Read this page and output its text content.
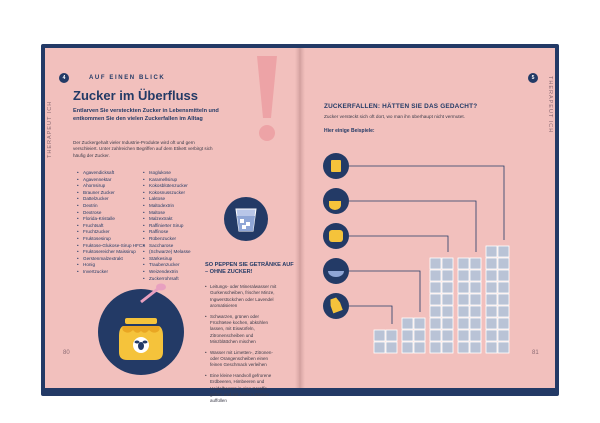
4	AUF EINEN BLICK
Zucker im Überfluss
Entlarven Sie versteckten Zucker in Lebensmitteln und entkommen Sie den vielen Zuckerfallen im Alltag
Der Zuckergehalt vieler Industrie-Produkte wird oft und gern verschleiert. Unter zahlreichen Begriffen auf dem Etikett verbirgt sich häufig der Zucker.
• Agavendicksaft
• Agavennektar
• Ahornsirup
• Brauner Zucker
• Dattelzucker
• Dextrin
• Dextrose
• Florida-Kristalle
• Fruchtsaft
• Fruchtzucker
• Fruktosesirup
• Fruktose-Glukose-Sirup HFCS
• Fruktosereicher Maissirup
• Gerstenmalzextrakt
• Honig
• Invertzucker
• Isoglukose
• Karamellsirup
• Kokosblütenzucker
• Kokosnusszucker
• Laktose
• Maltodextrin
• Maltose
• Malzextrakt
• Raffinierter Sirup
• Raffinose
• Rübenzucker
• Saccharose
• (Schwarze) Melasse
• Stärkesirup
• Traubenzucker
• Weizendextrin
• Zuckerrohrsaft
SO PEPPEN SIE GETRÄNKE AUF – OHNE ZUCKER!
• Leitungs- oder Mineralwasser mit Gurkenscheiben, frischer Minze, Ingwerstückchen oder Lavendel aromatisieren
• Schwarzen, grünen oder Früchtetee kochen, abkühlen lassen, mit Eiswürfeln, Zitronenscheiben und Minzblättchen mischen
• Wasser mit Limetten-, Zitronen- oder Orangenscheiben einen feinen Geschmack verleihen
• Eine kleine Handvoll gefrorene Erdbeeren, Himbeeren und Heidelbeeren in eine Karaffe geben und mit kaltem Wasser auffüllen
THERAPEUT ICH
80
5
ZUCKERFALLEN: HÄTTEN SIE DAS GEDACHT?
Zucker versteckt sich oft dort, wo man ihn überhaupt nicht vermutet.
Hier einige Beispiele:	THERAPEUT ICH
81
